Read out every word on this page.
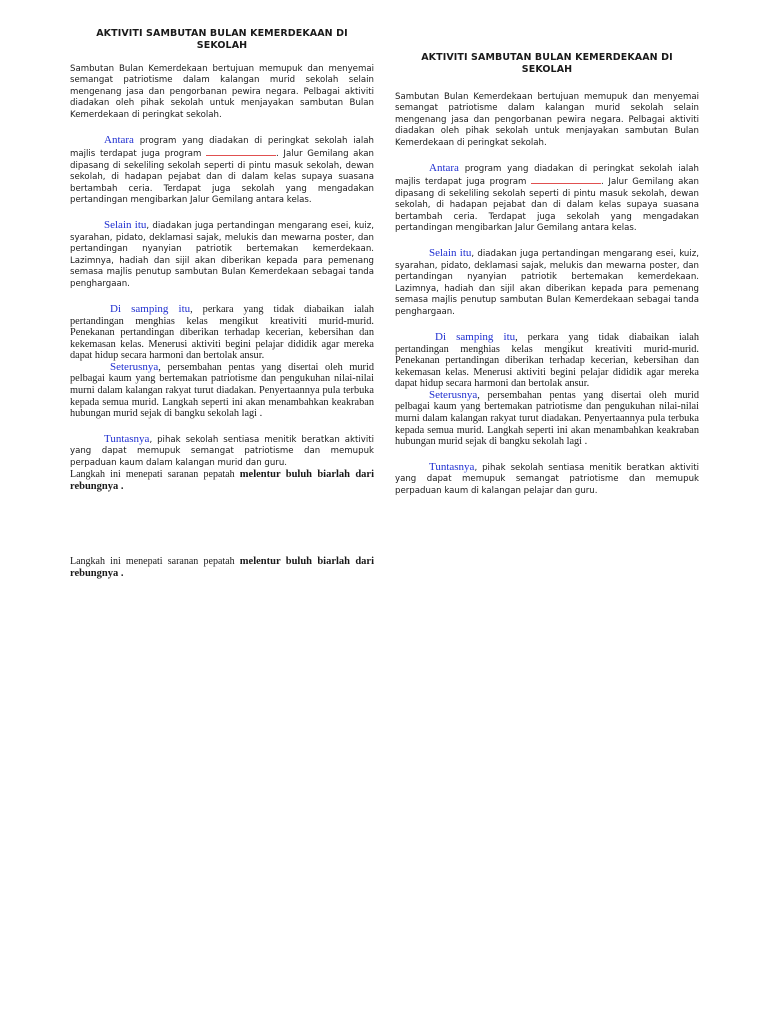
AKTIVITI SAMBUTAN BULAN KEMERDEKAAN DI SEKOLAH

Sambutan Bulan Kemerdekaan bertujuan memupuk dan menyemai semangat patriotisme dalam kalangan murid sekolah selain mengenang jasa dan pengorbanan pewira negara. Pelbagai aktiviti diadakan oleh pihak sekolah untuk menjayakan sambutan Bulan Kemerdekaan di peringkat sekolah.

Antara program yang diadakan di peringkat sekolah ialah majlis terdapat juga program	. Jalur Gemilang akan dipasang di sekeliling sekolah seperti di pintu masuk sekolah, dewan sekolah, di hadapan pejabat dan di dalam kelas supaya suasana bertambah ceria. Terdapat juga sekolah yang mengadakan pertandingan mengibarkan Jalur Gemilang antara kelas.

Selain itu, diadakan juga pertandingan mengarang esei, kuiz, syarahan, pidato, deklamasi sajak, melukis dan mewarna poster, dan pertandingan nyanyian patriotik bertemakan kemerdekaan. Lazimnya, hadiah dan sijil akan diberikan kepada para pemenang semasa majlis penutup sambutan Bulan Kemerdekaan sebagai tanda penghargaan.

Di samping itu, perkara yang tidak diabaikan ialah pertandingan menghias kelas mengikut kreativiti murid-murid. Penekanan pertandingan diberikan terhadap kecerian, kebersihan dan kekemasan kelas. Menerusi aktiviti begini pelajar dididik agar mereka dapat hidup secara harmoni dan bertolak ansur.

Seterusnya, persembahan pentas yang disertai oleh murid pelbagai kaum yang bertemakan patriotisme dan pengukuhan nilai-nilai murni dalam kalangan rakyat turut diadakan. Penyertaannya pula terbuka kepada semua murid. Langkah seperti ini akan menambahkan keakraban hubungan murid sejak di bangku sekolah lagi .

Tuntasnya, pihak sekolah sentiasa menitik beratkan aktiviti yang dapat memupuk semangat patriotisme dan memupuk perpaduan kaum dalam kalangan murid dan guru.
Langkah ini menepati saranan pepatah melentur buluh biarlah dari rebungnya .

Langkah ini menepati saranan pepatah melentur buluh biarlah dari rebungnya .

AKTIVITI SAMBUTAN BULAN KEMERDEKAAN DI SEKOLAH

Sambutan Bulan Kemerdekaan bertujuan memupuk dan menyemai semangat patriotisme dalam kalangan murid sekolah selain mengenang jasa dan pengorbanan pewira negara. Pelbagai aktiviti diadakan oleh pihak sekolah untuk menjayakan sambutan Bulan Kemerdekaan di peringkat sekolah.

Antara program yang diadakan di peringkat sekolah ialah majlis terdapat juga program	. Jalur Gemilang akan dipasang di sekeliling sekolah seperti di pintu masuk sekolah, dewan sekolah, di hadapan pejabat dan di dalam kelas supaya suasana bertambah ceria. Terdapat juga sekolah yang mengadakan pertandingan mengibarkan Jalur Gemilang antara kelas.

Selain itu, diadakan juga pertandingan mengarang esei, kuiz, syarahan, pidato, deklamasi sajak, melukis dan mewarna poster, dan pertandingan nyanyian patriotik bertemakan kemerdekaan. Lazimnya, hadiah dan sijil akan diberikan kepada para pemenang semasa majlis penutup sambutan Bulan Kemerdekaan sebagai tanda penghargaan.

Di samping itu, perkara yang tidak diabaikan ialah pertandingan menghias kelas mengikut kreativiti murid-murid. Penekanan pertandingan diberikan terhadap kecerian, kebersihan dan kekemasan kelas. Menerusi aktiviti begini pelajar dididik agar mereka dapat hidup secara harmoni dan bertolak ansur.

Seterusnya, persembahan pentas yang disertai oleh murid pelbagai kaum yang bertemakan patriotisme dan pengukuhan nilai-nilai murni dalam kalangan rakyat turut diadakan. Penyertaannya pula terbuka kepada semua murid. Langkah seperti ini akan menambahkan keakraban hubungan murid sejak di bangku sekolah lagi .

Tuntasnya, pihak sekolah sentiasa menitik beratkan aktiviti yang dapat memupuk semangat patriotisme dan memupuk perpaduan kaum di kalangan pelajar dan guru.
